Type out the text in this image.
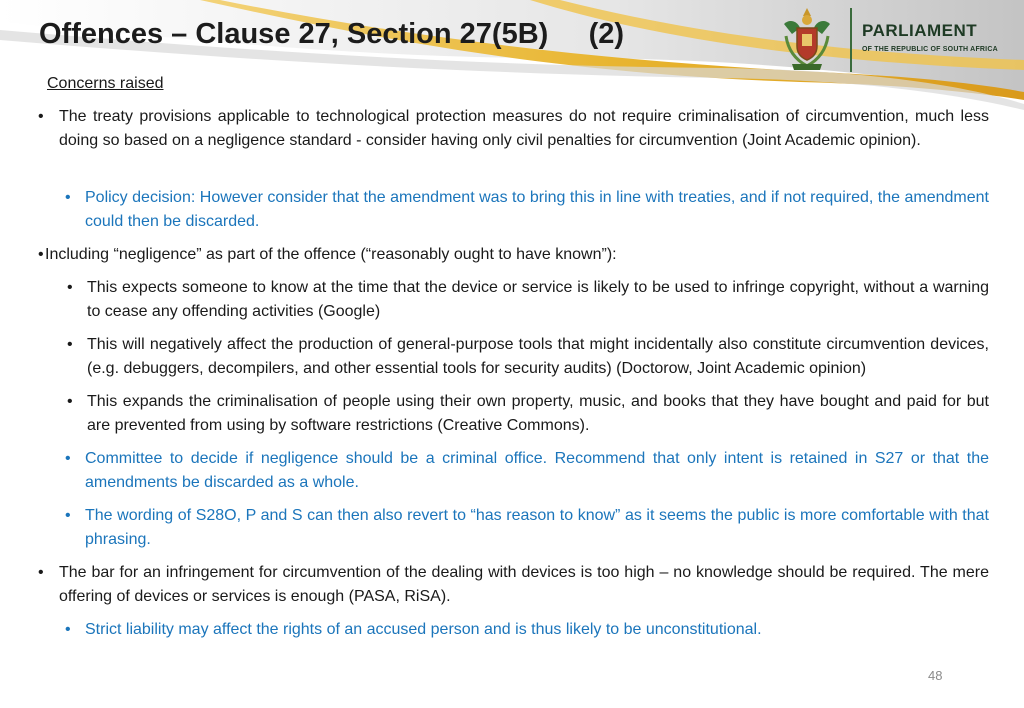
Offences – Clause 27, Section 27(5B)     (2)	PARLIAMENT
OF THE REPUBLIC OF SOUTH AFRICA
Concerns raised
• The treaty provisions applicable to technological protection measures do not require criminalisation of circumvention, much less doing so based on a negligence standard - consider having only civil penalties for circumvention (Joint Academic opinion).
• Policy decision: However consider that the amendment was to bring this in line with treaties, and if not required, the amendment could then be discarded.
• Including “negligence” as part of the offence (“reasonably ought to have known”):
• This expects someone to know at the time that the device or service is likely to be used to infringe copyright, without a warning to cease any offending activities (Google)
• This will negatively affect the production of general-purpose tools that might incidentally also constitute circumvention devices, (e.g. debuggers, decompilers, and other essential tools for security audits) (Doctorow, Joint Academic opinion)
• This expands the criminalisation of people using their own property, music, and books that they have bought and paid for but are prevented from using by software restrictions (Creative Commons).
• Committee to decide if negligence should be a criminal office. Recommend that only intent is retained in S27 or that the amendments be discarded as a whole.
• The wording of S28O, P and S can then also revert to “has reason to know” as it seems the public is more comfortable with that phrasing.
• The bar for an infringement for circumvention of the dealing with devices is too high – no knowledge should be required. The mere offering of devices or services is enough (PASA, RiSA).
• Strict liability may affect the rights of an accused person and is thus likely to be unconstitutional.
48
